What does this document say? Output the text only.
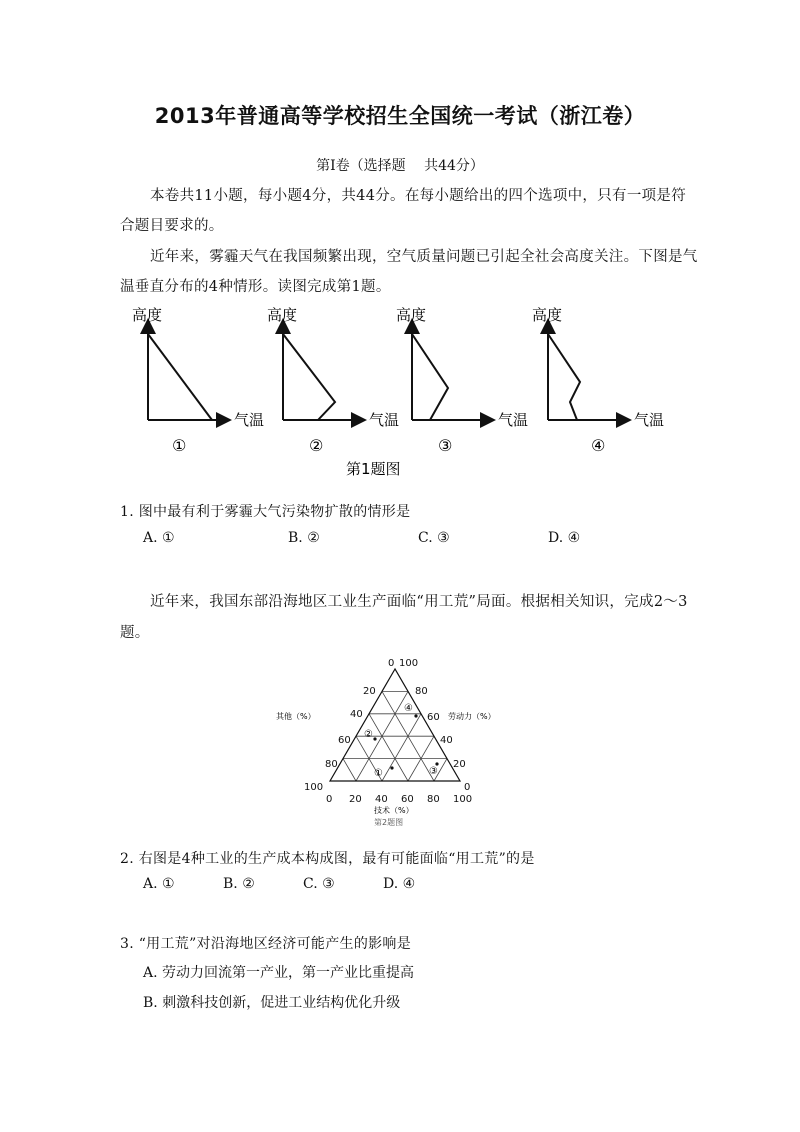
2013年普通高等学校招生全国统一考试（浙江卷）
第Ⅰ卷（选择题　 共44分）
本卷共11小题，每小题4分，共44分。在每小题给出的四个选项中，只有一项是符
合题目要求的。
近年来，雾霾天气在我国频繁出现，空气质量问题已引起全社会高度关注。下图是气
温垂直分布的4种情形。读图完成第1题。
高度
气温
①
高度
气温
②
高度
气温
③
高度
气温
④
第1题图
1. 图中最有利于雾霾大气污染物扩散的情形是
A. ①	B. ②	C. ③	D. ④
近年来，我国东部沿海地区工业生产面临“用工荒”局面。根据相关知识，完成2～3
题。
0 100
20	80
40	60
60	40
80	20
100	0
0 20 40 60 80 100
其他（%）	劳动力（%）
技术（%）
第2题图
①
②
③
④
2. 右图是4种工业的生产成本构成图，最有可能面临“用工荒”的是
A. ①	B. ②	C. ③	D. ④
3. “用工荒”对沿海地区经济可能产生的影响是
A. 劳动力回流第一产业，第一产业比重提高
B. 刺激科技创新，促进工业结构优化升级
